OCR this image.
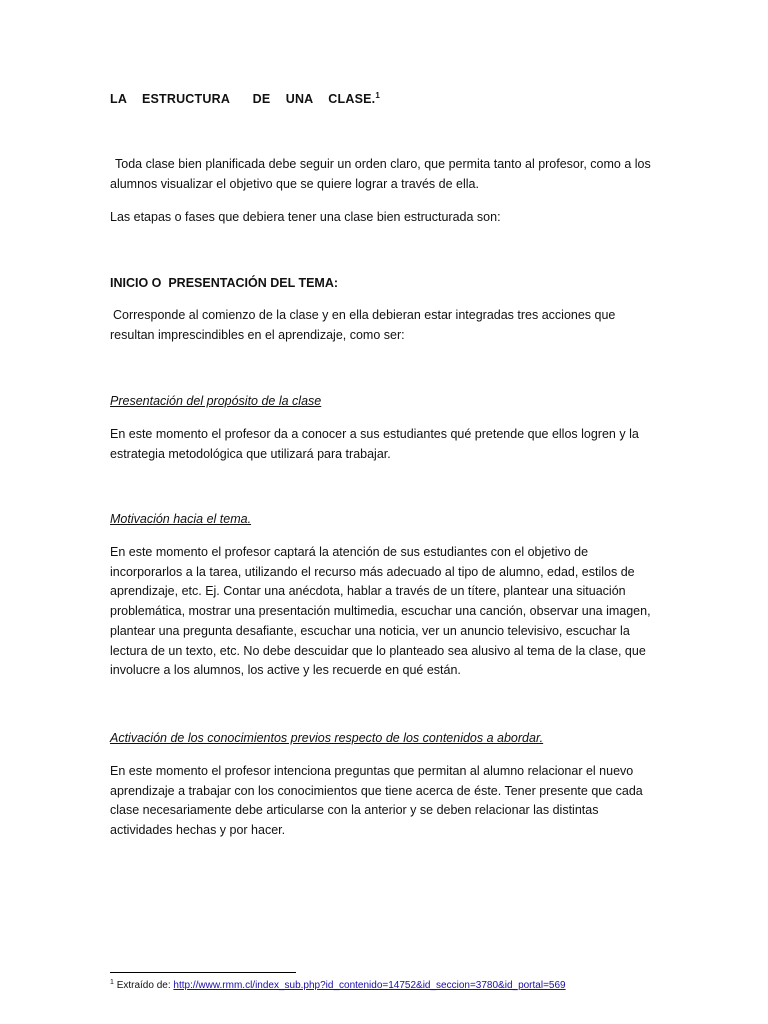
LA  ESTRUCTURA   DE  UNA  CLASE.$^1$

Toda clase bien planificada debe seguir un orden claro, que permita tanto al profesor, como a los alumnos visualizar el objetivo que se quiere lograr a través de ella.

Las etapas o fases que debiera tener una clase bien estructurada son:

INICIO O  PRESENTACIÓN DEL TEMA:

Corresponde al comienzo de la clase y en ella debieran estar integradas tres acciones que resultan imprescindibles en el aprendizaje, como ser:

Presentación del propósito de la clase

En este momento el profesor da a conocer a sus estudiantes qué pretende que ellos logren y la estrategia metodológica que utilizará para trabajar.

Motivación hacia el tema.

En este momento el profesor captará la atención de sus estudiantes con el objetivo de incorporarlos a la tarea, utilizando el recurso más adecuado al tipo de alumno, edad, estilos de aprendizaje, etc. Ej. Contar una anécdota, hablar a través de un títere, plantear una situación problemática, mostrar una presentación multimedia, escuchar una canción, observar una imagen, plantear una pregunta desafiante, escuchar una noticia, ver un anuncio televisivo, escuchar la lectura de un texto, etc. No debe descuidar que lo planteado sea alusivo al tema de la clase, que involucre a los alumnos, los active y les recuerde en qué están.

Activación de los conocimientos previos respecto de los contenidos a abordar.

En este momento el profesor intenciona preguntas que permitan al alumno relacionar el nuevo aprendizaje a trabajar con los conocimientos que tiene acerca de éste. Tener presente que cada clase necesariamente debe articularse con la anterior y se deben relacionar las distintas actividades hechas y por hacer.

$^1$ Extraído de: http://www.rmm.cl/index_sub.php?id_contenido=14752&id_seccion=3780&id_portal=569
